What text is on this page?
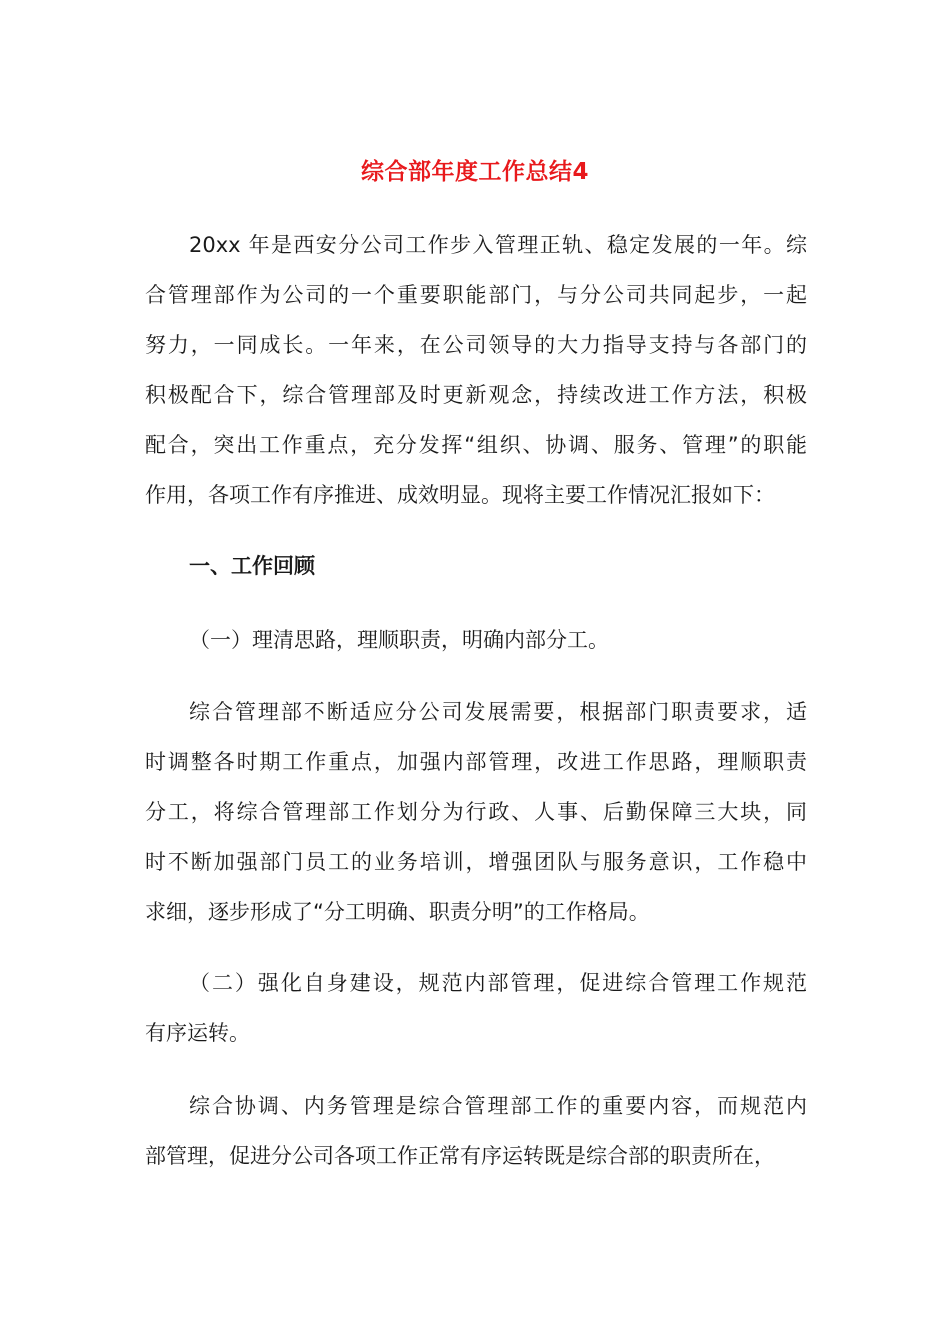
综合部年度工作总结4
20xx 年是西安分公司工作步入管理正轨、稳定发展的一年。综
合管理部作为公司的一个重要职能部门，与分公司共同起步，一起
努力，一同成长。一年来，在公司领导的大力指导支持与各部门的
积极配合下，综合管理部及时更新观念，持续改进工作方法，积极
配合，突出工作重点，充分发挥“组织、协调、服务、管理”的职能
作用，各项工作有序推进、成效明显。现将主要工作情况汇报如下：
一、工作回顾
（一）理清思路，理顺职责，明确内部分工。
综合管理部不断适应分公司发展需要，根据部门职责要求，适
时调整各时期工作重点，加强内部管理，改进工作思路，理顺职责
分工，将综合管理部工作划分为行政、人事、后勤保障三大块，同
时不断加强部门员工的业务培训，增强团队与服务意识，工作稳中
求细，逐步形成了“分工明确、职责分明”的工作格局。
（二）强化自身建设，规范内部管理，促进综合管理工作规范
有序运转。
综合协调、内务管理是综合管理部工作的重要内容，而规范内
部管理，促进分公司各项工作正常有序运转既是综合部的职责所在，
